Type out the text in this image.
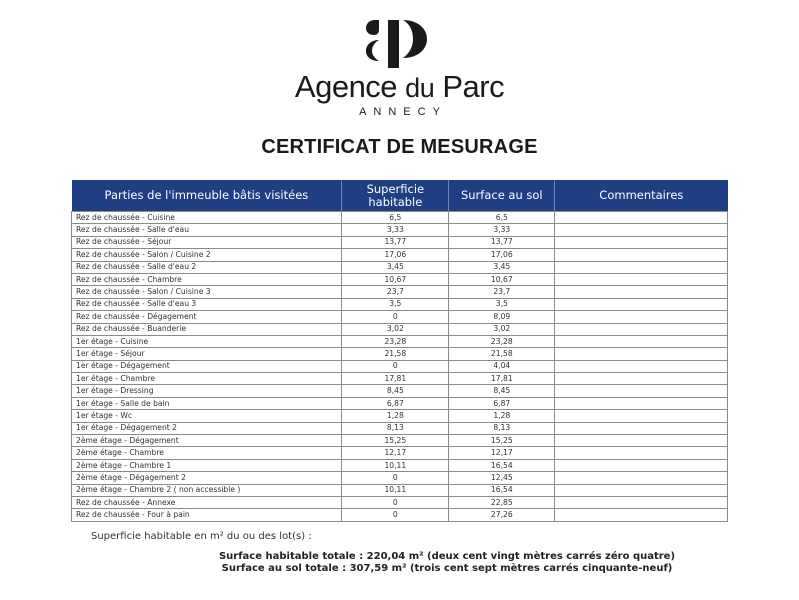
Agence du Parc
ANNECY
CERTIFICAT DE MESURAGE
Parties de l'immeuble bâtis visitées	Superficie habitable	Surface au sol	Commentaires
Rez de chaussée - Cuisine	6,5	6,5	
Rez de chaussée - Salle d'eau	3,33	3,33	
Rez de chaussée - Séjour	13,77	13,77	
Rez de chaussée - Salon / Cuisine 2	17,06	17,06	
Rez de chaussée - Salle d'eau 2	3,45	3,45	
Rez de chaussée - Chambre	10,67	10,67	
Rez de chaussée - Salon / Cuisine 3	23,7	23,7	
Rez de chaussée - Salle d'eau 3	3,5	3,5	
Rez de chaussée - Dégagement	0	8,09	
Rez de chaussée - Buanderie	3,02	3,02	
1er étage - Cuisine	23,28	23,28	
1er étage - Séjour	21,58	21,58	
1er étage - Dégagement	0	4,04	
1er étage - Chambre	17,81	17,81	
1er étage - Dressing	8,45	8,45	
1er étage - Salle de bain	6,87	6,87	
1er étage - Wc	1,28	1,28	
1er étage - Dégagement 2	8,13	8,13	
2ème étage - Dégagement	15,25	15,25	
2ème étage - Chambre	12,17	12,17	
2ème étage - Chambre 1	10,11	16,54	
2ème étage - Dégagement 2	0	12,45	
2ème étage - Chambre 2 ( non accessible )	10,11	16,54	
Rez de chaussée - Annexe	0	22,85	
Rez de chaussée - Four à pain	0	27,26	
Superficie habitable en m² du ou des lot(s) :
Surface habitable totale : 220,04 m² (deux cent vingt mètres carrés zéro quatre)
Surface au sol totale : 307,59 m² (trois cent sept mètres carrés cinquante-neuf)
